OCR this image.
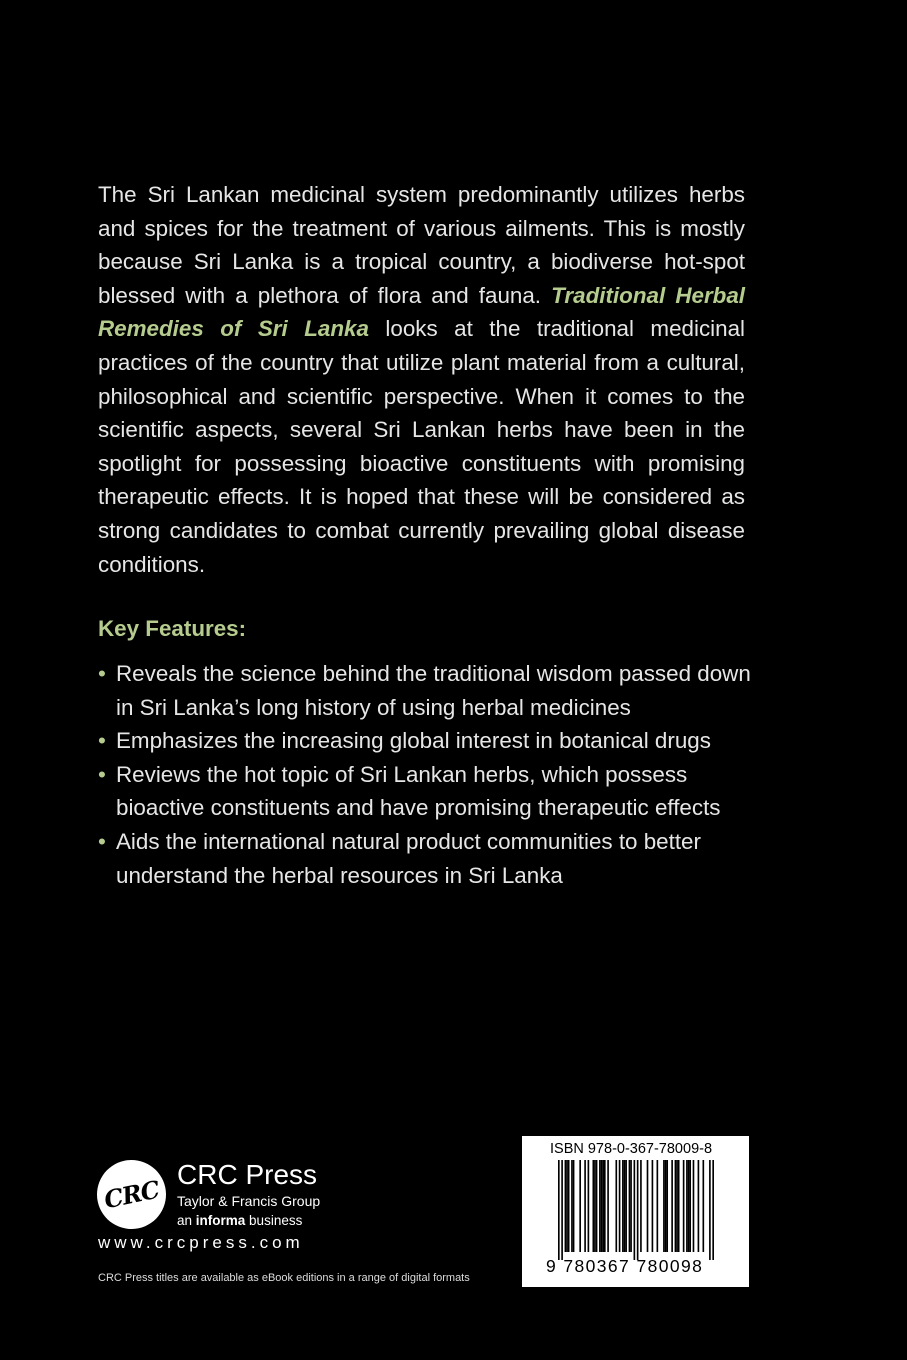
The Sri Lankan medicinal system predominantly utilizes herbs and spices for the treatment of various ailments. This is mostly because Sri Lanka is a tropical country, a biodiverse hot-spot blessed with a plethora of flora and fauna. Traditional Herbal Remedies of Sri Lanka looks at the traditional medicinal practices of the country that utilize plant material from a cultural, philosophical and scientific perspective. When it comes to the scientific aspects, several Sri Lankan herbs have been in the spotlight for possessing bioactive constituents with promising therapeutic effects. It is hoped that these will be considered as strong candidates to combat currently prevailing global disease conditions.

Key Features:
• Reveals the science behind the traditional wisdom passed down in Sri Lanka’s long history of using herbal medicines
• Emphasizes the increasing global interest in botanical drugs
• Reviews the hot topic of Sri Lankan herbs, which possess bioactive constituents and have promising therapeutic effects
• Aids the international natural product communities to better understand the herbal resources in Sri Lanka
CRC
CRC Press
Taylor & Francis Group
an informa business
www.crcpress.com
CRC Press titles are available as eBook editions in a range of digital formats
ISBN 978-0-367-78009-8
9 780367 780098
